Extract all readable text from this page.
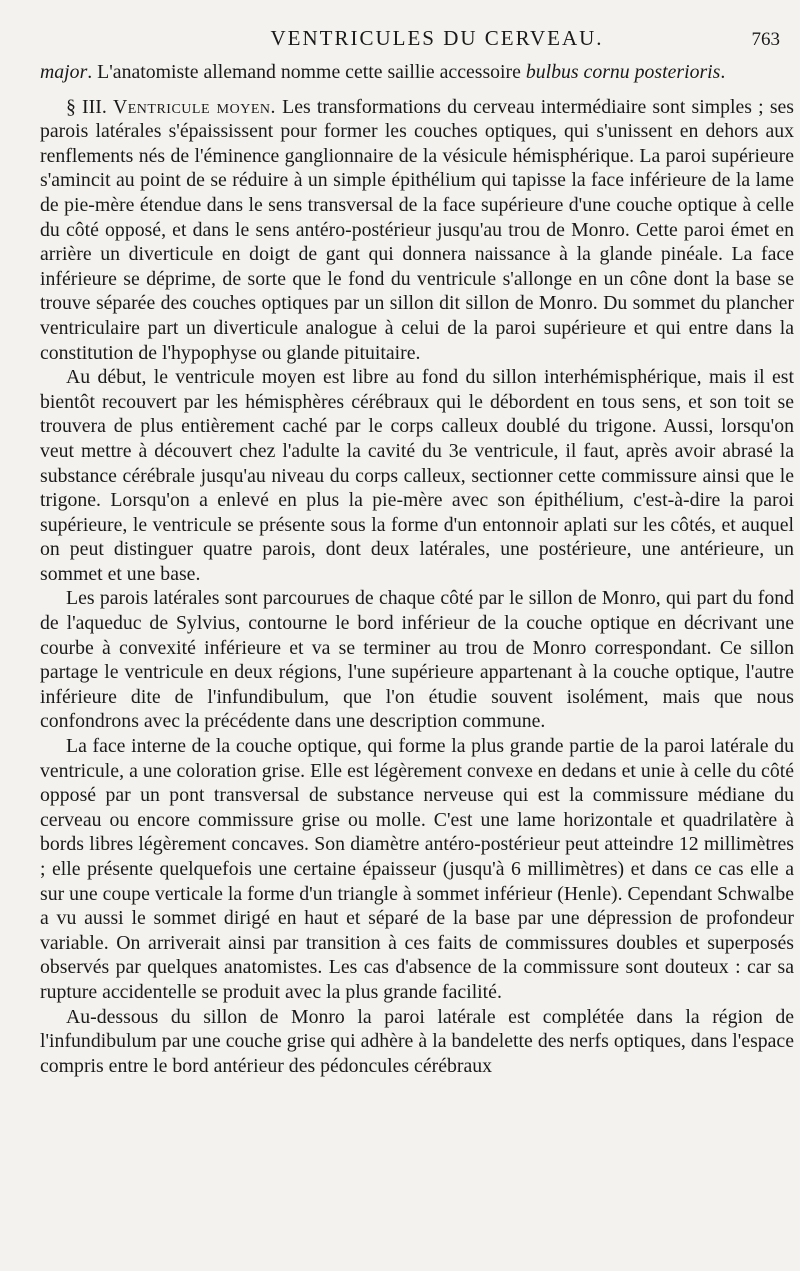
VENTRICULES DU CERVEAU.	763

major. L'anatomiste allemand nomme cette saillie accessoire bulbus cornu posterioris.

§ III. Ventricule moyen. Les transformations du cerveau intermédiaire sont simples ; ses parois latérales s'épaississent pour former les couches optiques, qui s'unissent en dehors aux renflements nés de l'éminence ganglionnaire de la vésicule hémisphérique. La paroi supérieure s'amincit au point de se réduire à un simple épithélium qui tapisse la face inférieure de la lame de pie-mère étendue dans le sens transversal de la face supérieure d'une couche optique à celle du côté opposé, et dans le sens antéro-postérieur jusqu'au trou de Monro. Cette paroi émet en arrière un diverticule en doigt de gant qui donnera naissance à la glande pinéale. La face inférieure se déprime, de sorte que le fond du ventricule s'allonge en un cône dont la base se trouve séparée des couches optiques par un sillon dit sillon de Monro. Du sommet du plancher ventriculaire part un diverticule analogue à celui de la paroi supérieure et qui entre dans la constitution de l'hypophyse ou glande pituitaire.

Au début, le ventricule moyen est libre au fond du sillon interhémisphérique, mais il est bientôt recouvert par les hémisphères cérébraux qui le débordent en tous sens, et son toit se trouvera de plus entièrement caché par le corps calleux doublé du trigone. Aussi, lorsqu'on veut mettre à découvert chez l'adulte la cavité du 3e ventricule, il faut, après avoir abrasé la substance cérébrale jusqu'au niveau du corps calleux, sectionner cette commissure ainsi que le trigone. Lorsqu'on a enlevé en plus la pie-mère avec son épithélium, c'est-à-dire la paroi supérieure, le ventricule se présente sous la forme d'un entonnoir aplati sur les côtés, et auquel on peut distinguer quatre parois, dont deux latérales, une postérieure, une antérieure, un sommet et une base.

Les parois latérales sont parcourues de chaque côté par le sillon de Monro, qui part du fond de l'aqueduc de Sylvius, contourne le bord inférieur de la couche optique en décrivant une courbe à convexité inférieure et va se terminer au trou de Monro correspondant. Ce sillon partage le ventricule en deux régions, l'une supérieure appartenant à la couche optique, l'autre inférieure dite de l'infundibulum, que l'on étudie souvent isolément, mais que nous confondrons avec la précédente dans une description commune.

La face interne de la couche optique, qui forme la plus grande partie de la paroi latérale du ventricule, a une coloration grise. Elle est légèrement convexe en dedans et unie à celle du côté opposé par un pont transversal de substance nerveuse qui est la commissure médiane du cerveau ou encore commissure grise ou molle. C'est une lame horizontale et quadrilatère à bords libres légèrement concaves. Son diamètre antéro-postérieur peut atteindre 12 millimètres ; elle présente quelquefois une certaine épaisseur (jusqu'à 6 millimètres) et dans ce cas elle a sur une coupe verticale la forme d'un triangle à sommet inférieur (Henle). Cependant Schwalbe a vu aussi le sommet dirigé en haut et séparé de la base par une dépression de profondeur variable. On arriverait ainsi par transition à ces faits de commissures doubles et superposés observés par quelques anatomistes. Les cas d'absence de la commissure sont douteux : car sa rupture accidentelle se produit avec la plus grande facilité.

Au-dessous du sillon de Monro la paroi latérale est complétée dans la région de l'infundibulum par une couche grise qui adhère à la bandelette des nerfs optiques, dans l'espace compris entre le bord antérieur des pédoncules cérébraux
